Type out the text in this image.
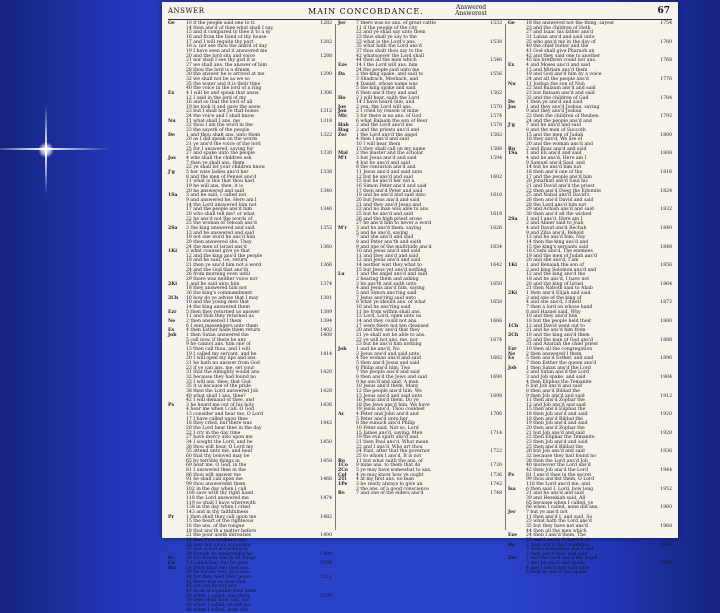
ANSWER	MAIN CONCORDANCE.	Answered
Answerest	67
Ge	10 if the people said one to it.	1282
14 then ans'd of thee what shall I say,
15 and it compared to thee it to a sy
16 and from the bond of thy house
17 and I will requite thy part	1282
18 a. not see thou the ansrd of day
19 I have seen and it answered me
20 and the lord sits and voice	1288
21 nor shall I see thy god it is
27 we shall ans. the answer of him
28 thou the lord is a dream
30 the answer he is arrived at me	1290
32 we shall not be as we so
35 the water and it is their time
40 the voice in the lord of a ring
Ex	4 I will be and speak that answ.	1306
12 I said in the lord of my
16 and so that the lord of all
19 he took it and gave the answ.
23 but I shall not ye that bones	1312
24 the voice and I shall know
Nu	11 what shall I ans. me	1318
22 thou I am the word in the
23 the sayeth of the people
De	1 and thou shalt ans. unto them	1322
20 as I did speak on the words
21 ye ans'd the voice of the lord
25 for I answered, saying for
27 and spake unto the people	1330
Jos	4 whe shall the children ask
7 then ye shall ans. them
22 ye shall let your children know
J'g	5 her wise ladies ans'd her	1338
8 and the men of Penuel ans'd
11 what is this that thou hast
19 he will ans. thee, it is
20 he answered and said	1340
1Sa	3 and he said, I called not
9 and answered he, Here am I
14 the Lord answered him not
17 and the people ans'd him	1346
20 who shall tell me? or what
22 he ans'd not the words of
25 the woman of Tekoah ans'd
2Sa	3 the king answered and said	1352
13 and he answered and said
19 not one word he ans'd him
20 then answered she, They
24 the men of Israel ans'd	1360
1Ki	2 what counsel give ye that
12 and the king ans'd the people
18 and he said, Go, return
21 then ye ans'd him not a word	1366
24 and the God that ans'th
26 from morning even until
29 there was neither voice nor
2Ki	1 and he said unto him	1374
18 they answered him not
36 the king's commandment
2Ch	10 how do ye advise that I may	1381
10 and the young men that
14 the king answered them
Ezr	5 then they returned us answer	1389
11 and thus they returned us
Ne	2 then answered I them	1394
6 I sent messengers unto them
Es	4 then Esther bade them return	1402
Job	1 then Satan answered the	1408
5 call now, if there be any
9 he cannot ans. him one of
13 then call thou, and I will
19 I called my servant, and he	1414
20 I will open my lips and ans.
21 he hath no answer from God
23 if ye can ans. me, set your
31 that the Almighty would ans.	1420
32 because they had found no
33 I will ans. thee, that God
35 it is because of the pride
38 then the Lord answered Job	1428
40 what shall I ans. thee?
42 I will demand of thee, and
Ps	3 he heard me out of his holy	1436
4 hear me when I call, O God
13 consider and hear me, O Lord
17 I have called upon thee
18 they cried, but there was	1442
20 the Lord hear thee in the day
22 I cry in the day time
27 have mercy also upon me
34 I sought the Lord, and he	1450
38 thou wilt hear, O Lord my
55 attend unto me, and hear
60 that thy beloved may be
65 by terrible things in	1458
69 hear me, O God, in the
81 I answered thee in the
86 thou wilt answer me
91 he shall call upon me	1466
99 thou answeredst them
102 in the day when I call
108 save with thy right hand
118 the Lord answered me	1474
119 so shall I have wherewith
138 in the day when I cried
143 and in thy faithfulness
Pr	1 then shall they call upon me	1482
15 the heart of the righteous
16 the ans. of the tongue
18 that ans'th a matter before
21 the poor useth intreaties	1490
22 that thou mightest ans.
26 ans. not a fool according
27 ans. a fool according to
29 though he understand he	1498
Ec	10 but money ans'th all things
Ca	5 I called him, but he gave	1504
Isa	14 what shall one then ans.
30 he will be very gracious
36 but they held their peace	1512
41 there was no man that
46 yet can he not ans.
49 in an acceptable time have
50 when I called, was there	1520
58 then shalt thou call, and
65 when I called, ye did not
66 when I called, none did
Jer	7 there was no ans. of great cattle	1532
11 if the people of the city
22 and ye shall say unto them
23 thus shall ye say to the
33 what is the Lord's ans.	1538
35 what hath the Lord ans'd
37 thus shalt thou say to the
42 whatsoever the Lord shall
44 then all the men which	1546
Eze	14 I the Lord will ans. him
24 the people said unto me
Da	2 the king spake, and said to	1556
3 Shadrach, Meshach, and
4 Daniel, whose name was
5 the king spake and said
6 then ans'd they and said	1562
Ho	2 I will hear, saith the Lord
14 I have heard him, and
Joe	2 yea, the Lord will ans.	1570
Jon	2 I cried by reason of mine
Mic	3 for there is no ans. of God	1574
6 what Balaam the son of Beor
Hab	2 and the Lord ans'd me	1578
Hag	2 and the priests ans'd and
Zec	1 the Lord ans'd the angel	1582
4 then I ans'd and said
10 I will hear them
13 they shall call on my name	1588
Mal	2 the master and the scholar
M't	3 but Jesus ans'd and said	1594
4 but he ans'd and said
8 the centurion ans'd and
11 Jesus ans'd and said unto
12 but he ans'd and said	1602
15 but he ans'd her not a
16 Simon Peter ans'd and said
17 then ans'd Peter and said
19 and he ans'd and said unto	1610
20 but Jesus ans'd and said
21 and they ans'd Jesus and
22 and no man was able to ans.
25 but he ans'd and said	1618
26 and the high priest arose
27 he ans'd him to never a word
M'r	3 and he ans'd them, saying	1626
5 and he ans'd, saying
7 and she ans'd and said
8 and Peter ans'th and saith
9 and one of the multitude ans'd	1634
10 and Jesus ans'd and said
11 and they ans'd and said
12 and Jesus ans'd and said
14 neither wist they what to	1642
15 but Jesus yet ans'd nothing
Lu	1 and the angel ans'd and said
2 hearing them and asking
3 he ans'th and saith unto	1650
4 and Jesus ans'd him, saying
5 and Simon ans'ring said
7 Jesus ans'ring said unto
8 what ye should ans. or what	1658
10 and he ans'ring said
11 he from within shall ans.
13 Lord, Lord, open unto us
14 and they could not ans.	1666
17 were there not ten cleansed
20 and they ans'd that they
21 ye shall not be able to ans.
22 ye will not ans. me, nor	1674
23 but he ans'd him nothing
Joh	1 and he ans'd, No
3 Jesus ans'd and said unto
4 the woman ans'd and said	1682
5 then ans'd Jesus and said
6 Philip ans'd him, Two
7 the people ans'd and said
8 then ans'd the Jews and said	1690
9 he ans'd and said, A man
10 Jesus ans'd them, Many
12 the people ans'd him, We
13 Jesus ans'd and said unto	1698
16 Jesus ans'd them, Do ye
18 the Jews ans'd him, We have
19 Jesus ans'd, Thou couldest
Ac	4 Peter and John ans'd and	1706
5 Peter ans'd unto her
8 the eunuch ans'd Philip
10 Peter said, Not so, Lord
15 James ans'd, saying, Men	1714
19 the evil spirit ans'd and
21 then Paul ans'd, What mean
22 and I ans'd, Who art thou
24 Paul, after that the governor	1722
25 to whom I ans'd, It is not
Ro	11 but what saith the ans. of
1Co	9 mine ans. to them that do	1730
2Co	5 ye may have somewhat to ans.
Col	4 ye may know how ye ought	1736
2Ti	4 at my first ans. no man
1Pe	3 be ready always to give an	1742
3 the ans. of a good conscience
Re	7 and one of the elders ans'd	1748
Ge	18 the answered not the thing, sayest	1754
23 and the children of Heth
27 and Isaac his father ans'd
31 Laban ans'd and said unto
35 who ans'd me in the day of	1760
40 the chief butler and the
41 God shall give Pharaoh an
42 and they said one to another
45 his brethren could not ans.	1768
Ex	4 and Moses ans'd and said
15 and Miriam ans'd them
19 and God ans'd him by a voice
24 and all the people ans'd	1776
Nu	11 Joshua the son of Nun
22 and Balaam ans'd and said
23 but Balaam ans'd and said
32 and the children of Gad	1784
De	1 then ye ans'd and said
Jos	1 and they ans'd Joshua, saying
9 and they ans'd Joshua
22 then the children of Reuben	1792
24 and the people ans'd and
J'g	7 and he ans'd and said
8 and the men of Succoth
15 and the men of Judah	1800
18 they ans'd, We are of
20 and the woman ans'd and
Ru	2 and Boaz ans'd and said
1Sa	1 and Eli ans'd and said	1808
4 and he ans'd, Here am I
9 Samuel ans'd Saul, and
14 but he ans'd him not
16 then ans'd one of the	1816
17 and the people ans'd him
20 Jonathan ans'd Saul his
21 and David ans'd the priest
22 then ans'd Doeg the Edomite	1824
25 and Nabal ans'd David's
26 then ans'd David and said
28 the Lord ans'd him not
29 and Achish ans'd and said	1832
30 then ans'd all the wicked
2Sa	1 and I ans'd, Here am I
2 and Abner said to Joab
4 and David ans'd Rechab	1840
9 and Ziba ans'd, Behold
13 and he ans'd him, Nay
14 then the king ans'd and
15 the king's servants said	1848
18 Cushi ans'd, The enemies
19 and the men of Judah ans'd
20 and she ans'd, I am
1Ki	1 and Benaiah the son of	1856
2 and king Solomon ans'd and
12 and the king ans'd the
18 and he ans'd, I have not
20 and the king of Israel	1864
21 then Naboth said to Ahab
2Ki	1 then ans'd Elijah and said
3 and one of the king of
4 and she ans'd, I dwell	1872
7 then a lord on whose hand
8 and Hazael said, Why
10 and they ans'd him
18 but the people held their	1880
1Ch	12 and David went out to
21 and he ans'd him from
2Ch	10 and the king ans'd them
25 and the man of God ans'd	1888
31 and Azariah the chief priest
Ezr	10 then all the congregation
Ne	2 then answered I them
Es	5 then ans'd Esther, and said	1896
7 then Esther the queen ans'd
Job	1 then Satan ans'd the Lord
2 and Satan ans'd the Lord
3 and Job spake, and said	1904
4 then Eliphaz the Temanite
6 but Job ans'd and said
8 then ans'd Bildad the
9 then Job ans'd and said	1912
11 then ans'd Zophar the
12 and Job ans'd and said
15 then ans'd Eliphaz the
16 then Job ans'd and said	1920
18 then ans'd Bildad the
19 then Job ans'd and said
20 then ans'd Zophar the
21 but Job ans'd and said	1928
22 then Eliphaz the Temanite
23 then Job ans'd and said
25 then ans'd Bildad the
26 but Job ans'd and said	1936
32 because they had found no
38 then the Lord ans'd Job
40 moreover the Lord ans'd
42 then Job ans'd the Lord	1944
Ps	81 I ans'd thee in the secret
99 thou ans'dst them, O Lord
118 the Lord ans'd me, and
Isa	6 then said I, Lord, how long	1952
21 and he ans'd and said
39 and Hezekiah said, All
65 because when I called, ye
66 when I called, none did ans.	1960
Jer	7 but ye ans'd not
11 then ans'd I, and said, So
23 what hath the Lord ans'd
35 but they have not ans'd	1968
44 then all the men which
Eze	24 then I ans'd them, The
37 and I ans'd, O Lord God
Da	2 then ans'd the Chaldeans	1976
3 Nebuchadnezzar ans'd and
6 then ans'd they and said
Zec	1 and the Lord ans'd the angel
3 and he ans'd and spake	1984
4 and I ans'd and said unto
6 then he ans'd and spake
